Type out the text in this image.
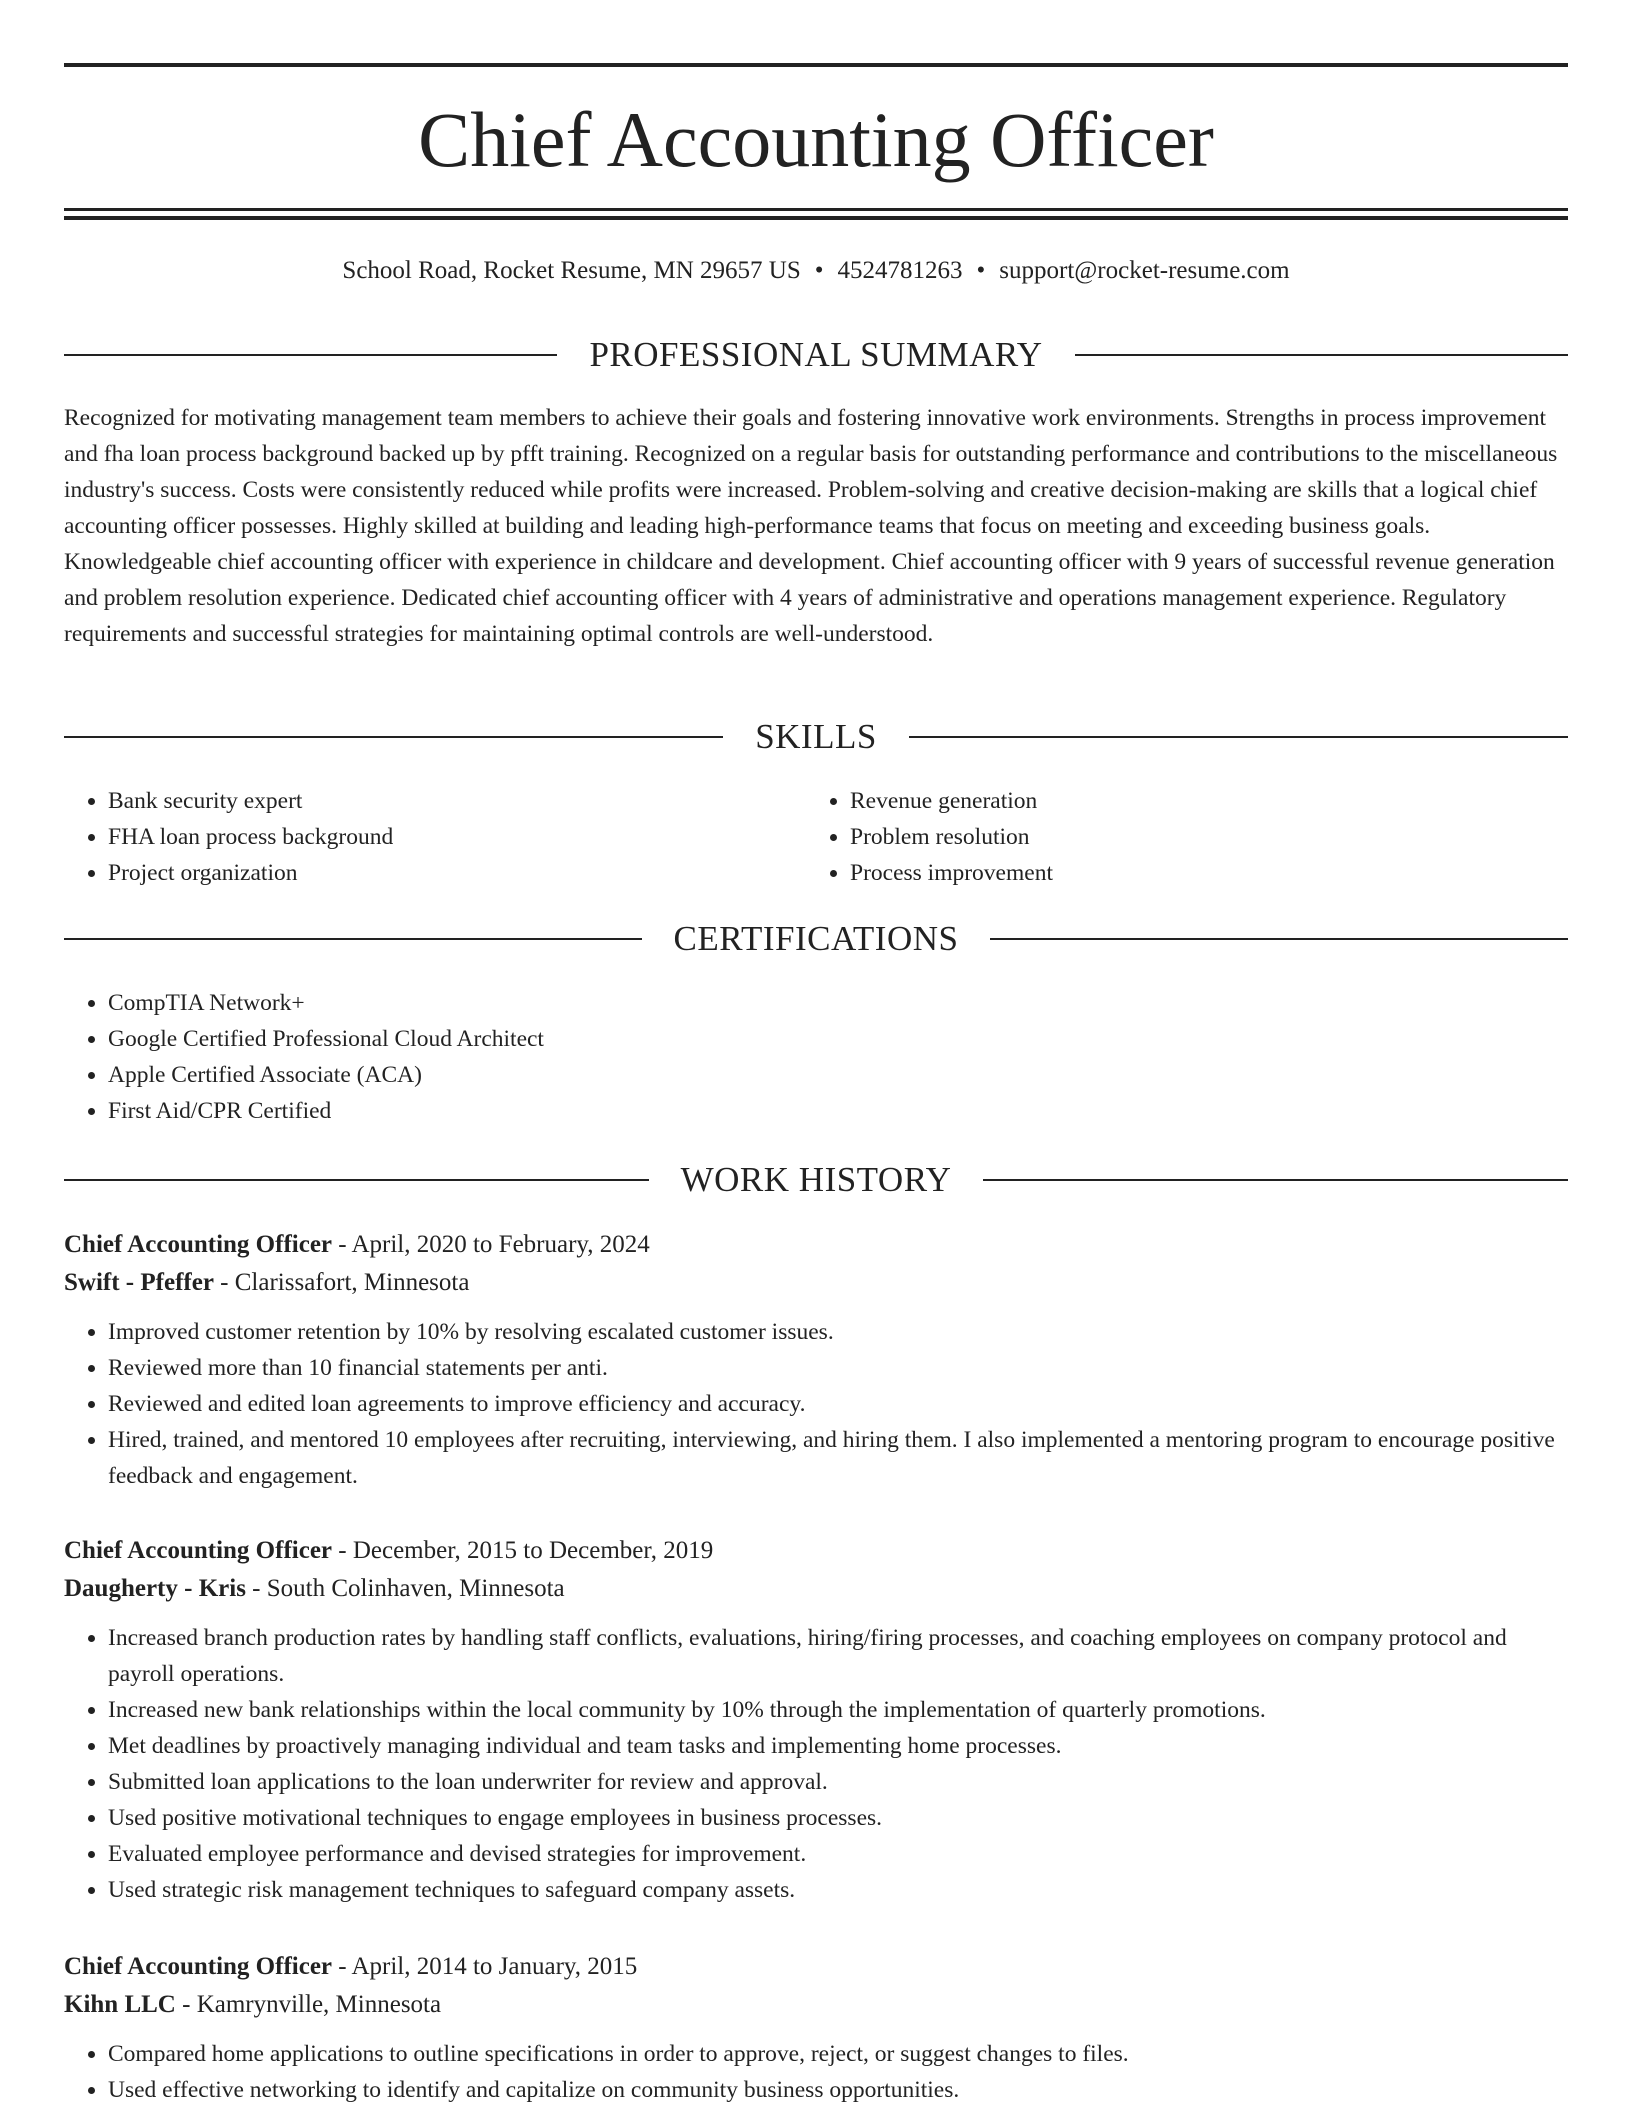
Chief Accounting Officer
School Road, Rocket Resume, MN 29657 US • 4524781263 • support@rocket-resume.com
PROFESSIONAL SUMMARY

Recognized for motivating management team members to achieve their goals and fostering innovative work environments. Strengths in process improvement and fha loan process background backed up by pfft training. Recognized on a regular basis for outstanding performance and contributions to the miscellaneous industry's success. Costs were consistently reduced while profits were increased. Problem-solving and creative decision-making are skills that a logical chief accounting officer possesses. Highly skilled at building and leading high-performance teams that focus on meeting and exceeding business goals. Knowledgeable chief accounting officer with experience in childcare and development. Chief accounting officer with 9 years of successful revenue generation and problem resolution experience. Dedicated chief accounting officer with 4 years of administrative and operations management experience. Regulatory requirements and successful strategies for maintaining optimal controls are well-understood.

SKILLS
• Bank security expert
• FHA loan process background
• Project organization
• Revenue generation
• Problem resolution
• Process improvement
CERTIFICATIONS
• CompTIA Network+
• Google Certified Professional Cloud Architect
• Apple Certified Associate (ACA)
• First Aid/CPR Certified
WORK HISTORY
Chief Accounting Officer - April, 2020 to February, 2024
Swift - Pfeffer - Clarissafort, Minnesota
• Improved customer retention by 10% by resolving escalated customer issues.
• Reviewed more than 10 financial statements per anti.
• Reviewed and edited loan agreements to improve efficiency and accuracy.
• Hired, trained, and mentored 10 employees after recruiting, interviewing, and hiring them. I also implemented a mentoring program to encourage positive feedback and engagement.
Chief Accounting Officer - December, 2015 to December, 2019
Daugherty - Kris - South Colinhaven, Minnesota
• Increased branch production rates by handling staff conflicts, evaluations, hiring/firing processes, and coaching employees on company protocol and payroll operations.
• Increased new bank relationships within the local community by 10% through the implementation of quarterly promotions.
• Met deadlines by proactively managing individual and team tasks and implementing home processes.
• Submitted loan applications to the loan underwriter for review and approval.
• Used positive motivational techniques to engage employees in business processes.
• Evaluated employee performance and devised strategies for improvement.
• Used strategic risk management techniques to safeguard company assets.
Chief Accounting Officer - April, 2014 to January, 2015
Kihn LLC - Kamrynville, Minnesota
• Compared home applications to outline specifications in order to approve, reject, or suggest changes to files.
• Used effective networking to identify and capitalize on community business opportunities.
